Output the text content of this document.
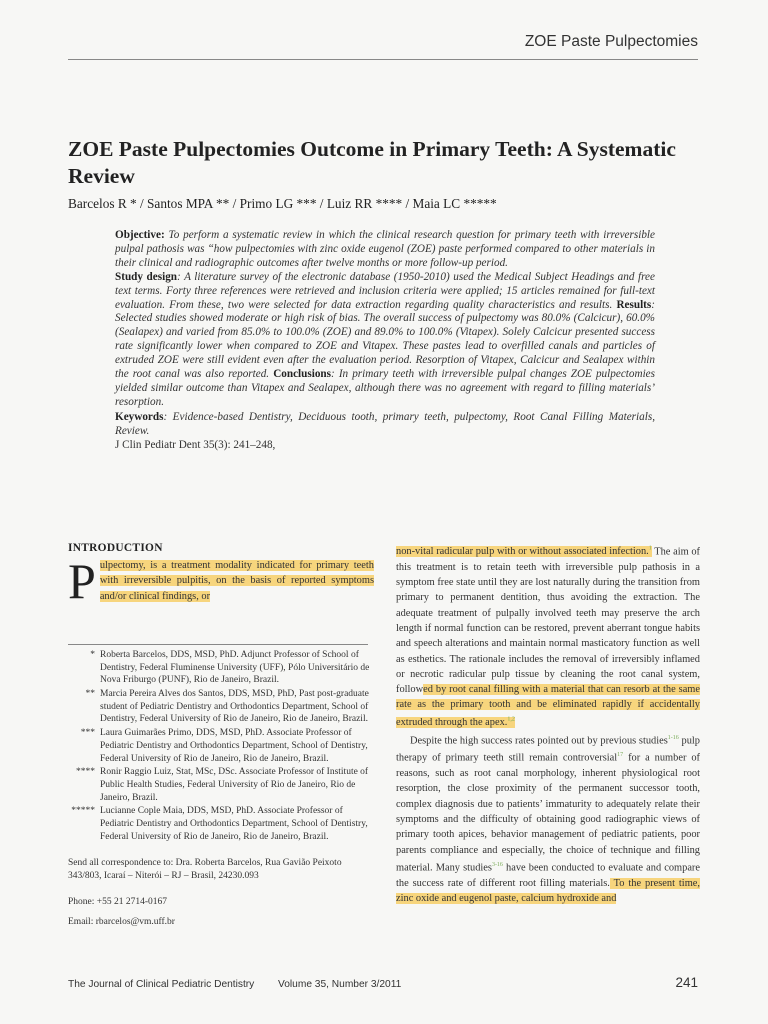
ZOE Paste Pulpectomies
ZOE Paste Pulpectomies Outcome in Primary Teeth: A Systematic Review
Barcelos R * / Santos MPA ** / Primo LG *** / Luiz RR **** / Maia LC *****
Objective: To perform a systematic review in which the clinical research question for primary teeth with irreversible pulpal pathosis was “how pulpectomies with zinc oxide eugenol (ZOE) paste performed compared to other materials in their clinical and radiographic outcomes after twelve months or more follow-up period.
Study design: A literature survey of the electronic database (1950-2010) used the Medical Subject Headings and free text terms. Forty three references were retrieved and inclusion criteria were applied; 15 articles remained for full-text evaluation. From these, two were selected for data extraction regarding quality characteristics and results. Results: Selected studies showed moderate or high risk of bias. The overall success of pulpectomy was 80.0% (Calcicur), 60.0% (Sealapex) and varied from 85.0% to 100.0% (ZOE) and 89.0% to 100.0% (Vitapex). Solely Calcicur presented success rate significantly lower when compared to ZOE and Vitapex. These pastes lead to overfilled canals and particles of extruded ZOE were still evident even after the evaluation period. Resorption of Vitapex, Calcicur and Sealapex within the root canal was also reported. Conclusions: In primary teeth with irreversible pulpal changes ZOE pulpectomies yielded similar outcome than Vitapex and Sealapex, although there was no agreement with regard to filling materials’ resorption.
Keywords: Evidence-based Dentistry, Deciduous tooth, primary teeth, pulpectomy, Root Canal Filling Materials, Review.
J Clin Pediatr Dent 35(3): 241–248,
INTRODUCTION
Pulpectomy, is a treatment modality indicated for primary teeth with irreversible pulpitis, on the basis of reported symptoms and/or clinical findings, or
* Roberta Barcelos, DDS, MSD, PhD. Adjunct Professor of School of Dentistry, Federal Fluminense University (UFF), Pólo Universitário de Nova Friburgo (PUNF), Rio de Janeiro, Brazil.
** Marcia Pereira Alves dos Santos, DDS, MSD, PhD, Past post-graduate student of Pediatric Dentistry and Orthodontics Department, School of Dentistry, Federal University of Rio de Janeiro, Rio de Janeiro, Brazil.
*** Laura Guimarães Primo, DDS, MSD, PhD. Associate Professor of Pediatric Dentistry and Orthodontics Department, School of Dentistry, Federal University of Rio de Janeiro, Rio de Janeiro, Brazil.
**** Ronir Raggio Luiz, Stat, MSc, DSc. Associate Professor of Institute of Public Health Studies, Federal University of Rio de Janeiro, Rio de Janeiro, Brazil.
***** Lucianne Cople Maia, DDS, MSD, PhD. Associate Professor of Pediatric Dentistry and Orthodontics Department, School of Dentistry, Federal University of Rio de Janeiro, Rio de Janeiro, Brazil.
Send all correspondence to: Dra. Roberta Barcelos, Rua Gavião Peixoto 343/803, Icaraí – Niterói – RJ – Brasil, 24230.093
Phone: +55 21 2714-0167
Email: rbarcelos@vm.uff.br
non-vital radicular pulp with or without associated infection.$^1$ The aim of this treatment is to retain teeth with irreversible pulp pathosis in a symptom free state until they are lost naturally during the transition from primary to permanent dentition, thus avoiding the extraction. The adequate treatment of pulpally involved teeth may preserve the arch length if normal function can be restored, prevent aberrant tongue habits and speech alterations and maintain normal masticatory function as well as esthetics. The rationale includes the removal of irreversibly inflamed or necrotic radicular pulp tissue by cleaning the root canal system, followed by root canal filling with a material that can resorb at the same rate as the primary tooth and be eliminated rapidly if accidentally extruded through the apex.$^{1,2}$
Despite the high success rates pointed out by previous studies$^{1-16}$ pulp therapy of primary teeth still remain controversial$^{17}$ for a number of reasons, such as root canal morphology, inherent physiological root resorption, the close proximity of the permanent successor tooth, complex diagnosis due to patients’ immaturity to adequately relate their symptoms and the difficulty of obtaining good radiographic views of primary tooth apices, behavior management of pediatric patients, poor parents compliance and especially, the choice of technique and filling material. Many studies$^{3-16}$ have been conducted to evaluate and compare the success rate of different root filling materials. To the present time, zinc oxide and eugenol paste, calcium hydroxide and
The Journal of Clinical Pediatric Dentistry Volume 35, Number 3/2011	241
